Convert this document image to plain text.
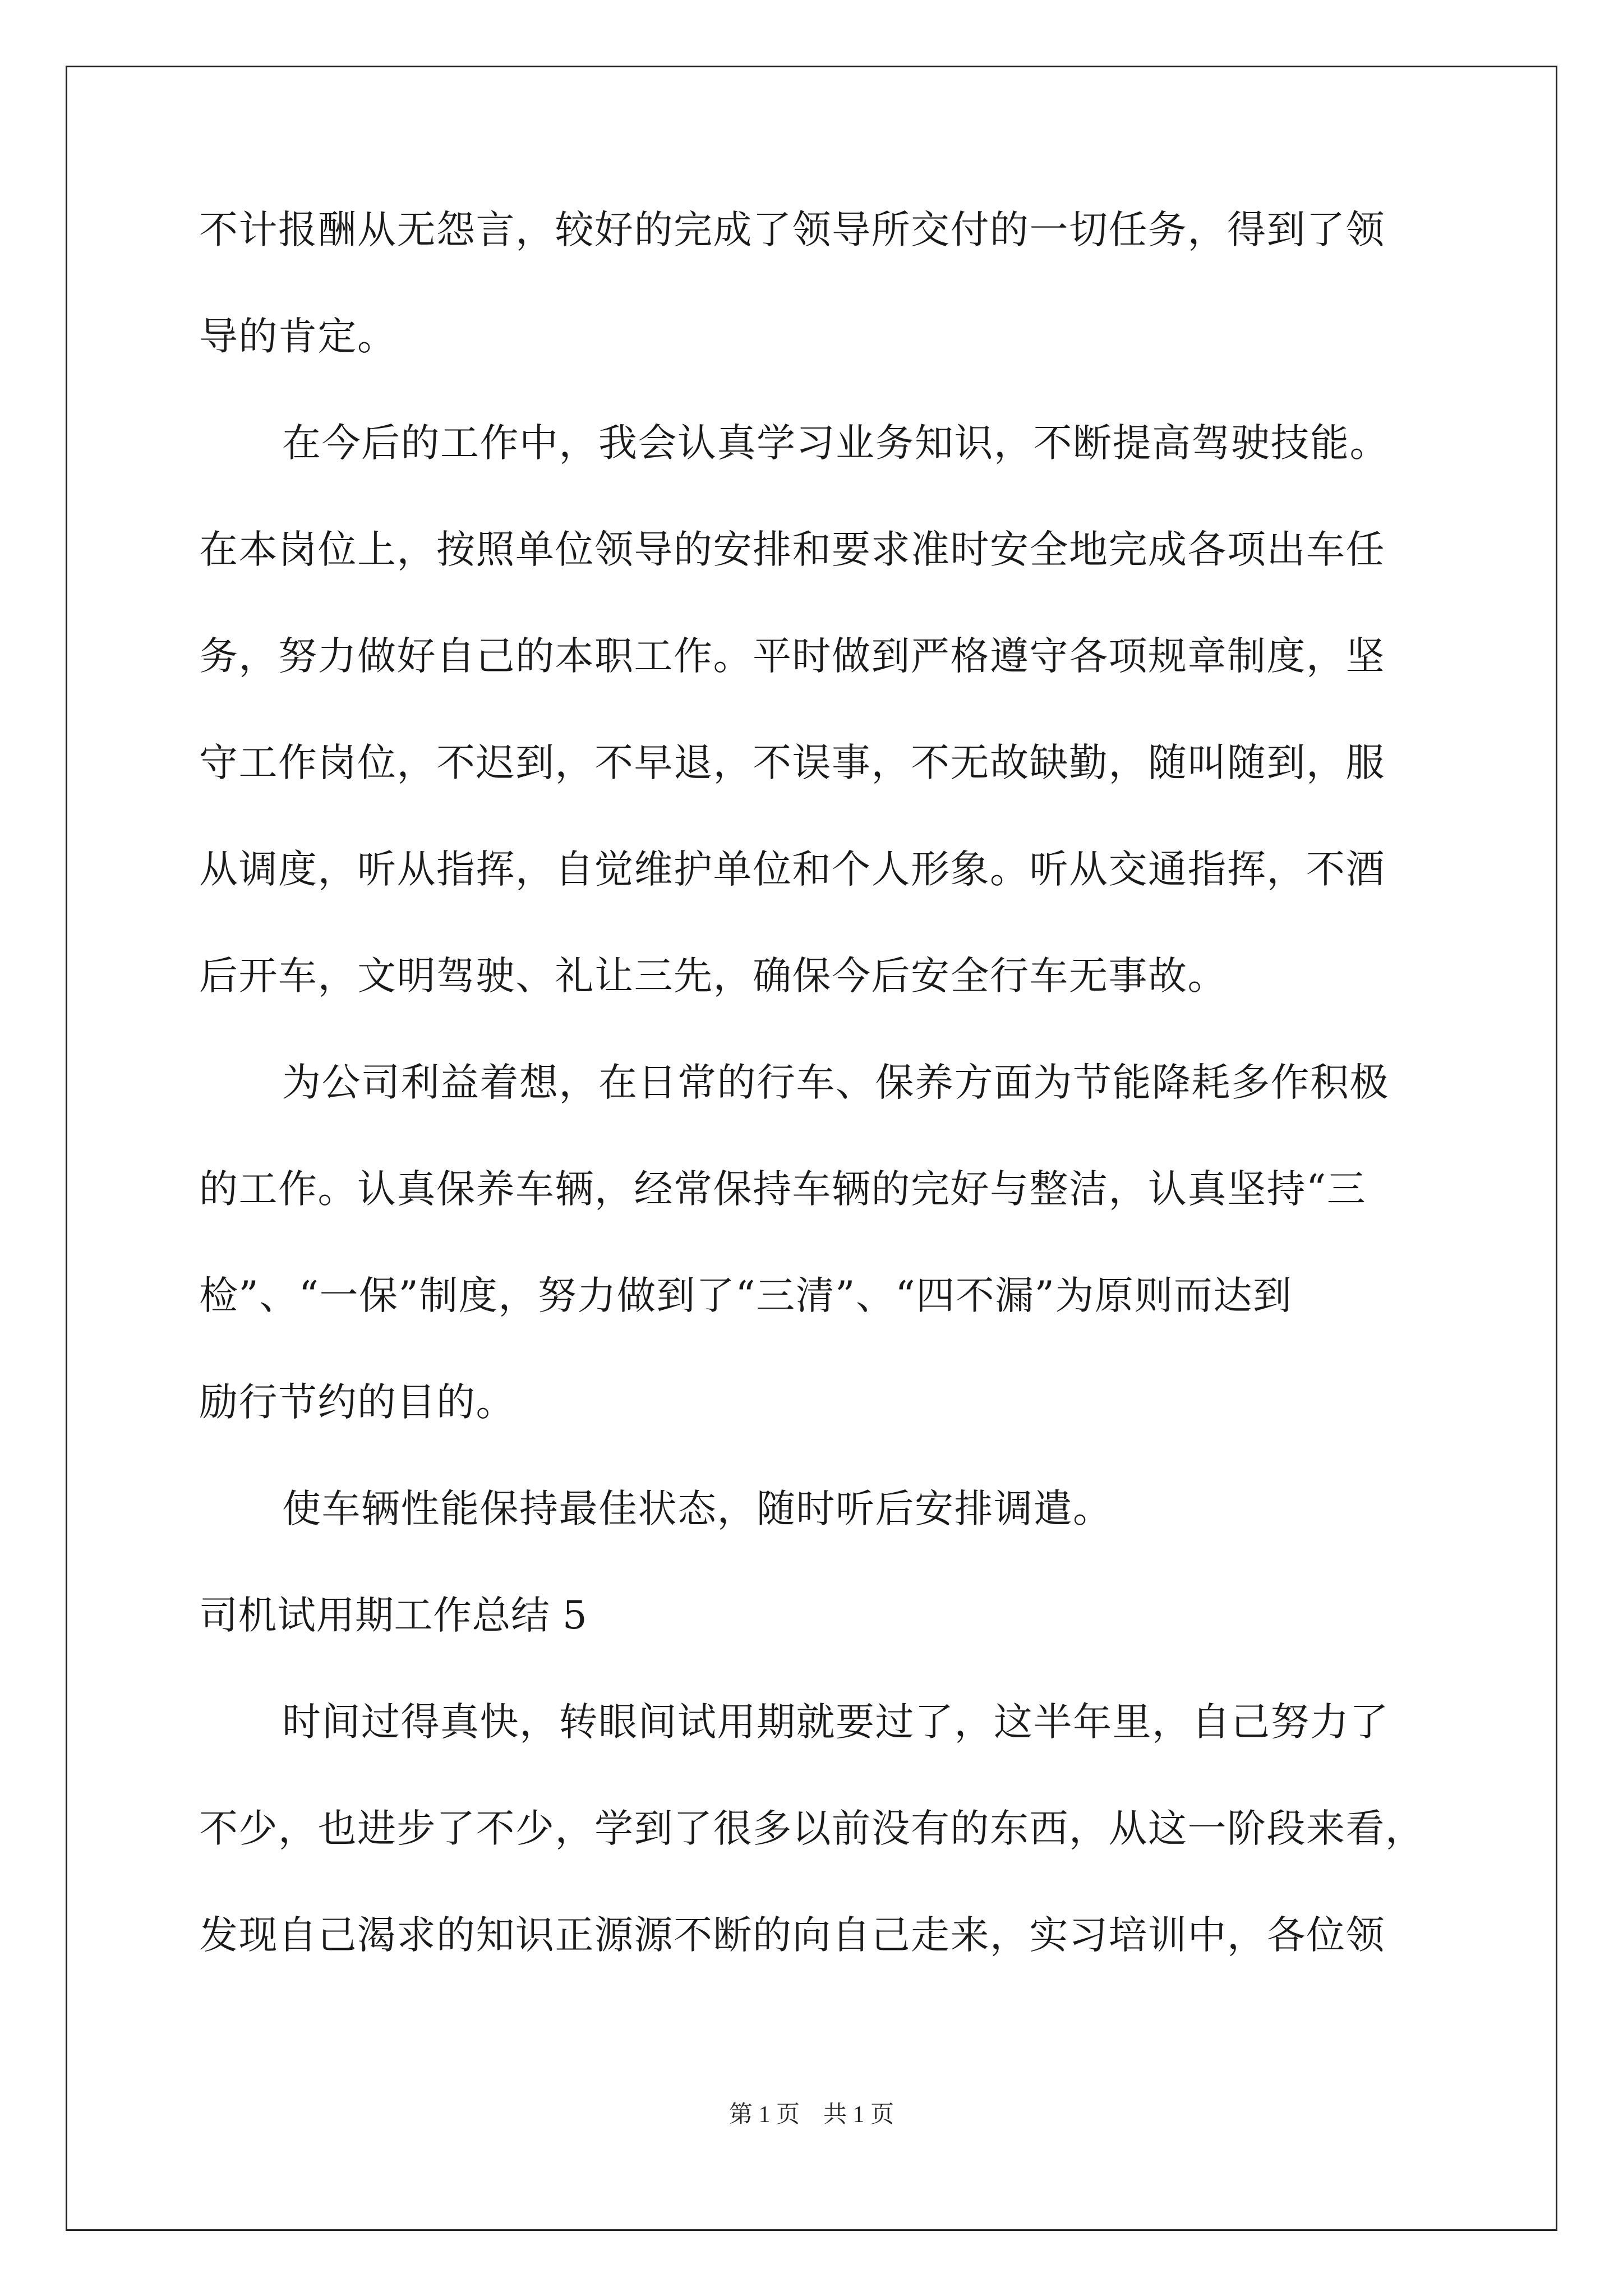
不计报酬从无怨言，较好的完成了领导所交付的一切任务，得到了领
导的肯定。
在今后的工作中，我会认真学习业务知识，不断提高驾驶技能。
在本岗位上，按照单位领导的安排和要求准时安全地完成各项出车任
务，努力做好自己的本职工作。平时做到严格遵守各项规章制度，坚
守工作岗位，不迟到，不早退，不误事，不无故缺勤，随叫随到，服
从调度，听从指挥，自觉维护单位和个人形象。听从交通指挥，不酒
后开车，文明驾驶、礼让三先，确保今后安全行车无事故。
为公司利益着想，在日常的行车、保养方面为节能降耗多作积极
的工作。认真保养车辆，经常保持车辆的完好与整洁，认真坚持“三
检”、“一保”制度，努力做到了“三清”、“四不漏”为原则而达到
励行节约的目的。
使车辆性能保持最佳状态，随时听后安排调遣。
司机试用期工作总结 5
时间过得真快，转眼间试用期就要过了，这半年里，自己努力了
不少，也进步了不少，学到了很多以前没有的东西，从这一阶段来看，
发现自己渴求的知识正源源不断的向自己走来，实习培训中，各位领
第 1 页    共 1 页
